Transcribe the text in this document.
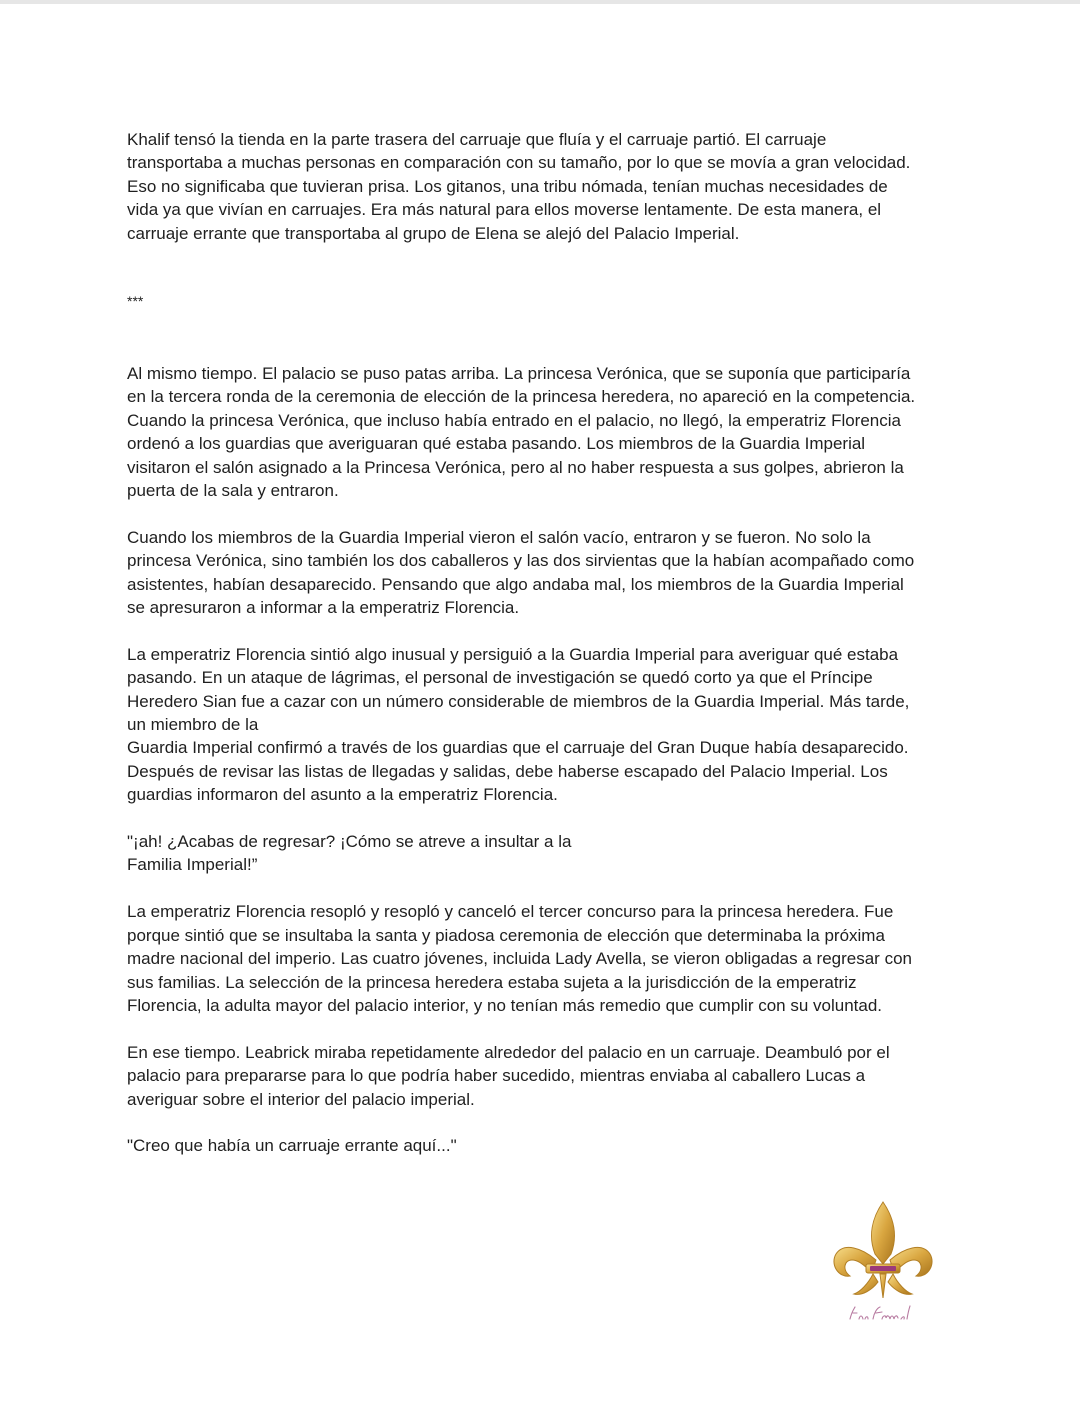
Khalif tensó la tienda en la parte trasera del carruaje que fluía y el carruaje partió. El carruaje
transportaba a muchas personas en comparación con su tamaño, por lo que se movía a gran velocidad.
Eso no significaba que tuvieran prisa. Los gitanos, una tribu nómada, tenían muchas necesidades de
vida ya que vivían en carruajes. Era más natural para ellos moverse lentamente. De esta manera, el
carruaje errante que transportaba al grupo de Elena se alejó del Palacio Imperial.

***

Al mismo tiempo. El palacio se puso patas arriba. La princesa Verónica, que se suponía que participaría
en la tercera ronda de la ceremonia de elección de la princesa heredera, no apareció en la competencia.
Cuando la princesa Verónica, que incluso había entrado en el palacio, no llegó, la emperatriz Florencia
ordenó a los guardias que averiguaran qué estaba pasando. Los miembros de la Guardia Imperial
visitaron el salón asignado a la Princesa Verónica, pero al no haber respuesta a sus golpes, abrieron la
puerta de la sala y entraron.

Cuando los miembros de la Guardia Imperial vieron el salón vacío, entraron y se fueron. No solo la
princesa Verónica, sino también los dos caballeros y las dos sirvientas que la habían acompañado como
asistentes, habían desaparecido. Pensando que algo andaba mal, los miembros de la Guardia Imperial
se apresuraron a informar a la emperatriz Florencia.

La emperatriz Florencia sintió algo inusual y persiguió a la Guardia Imperial para averiguar qué estaba
pasando. En un ataque de lágrimas, el personal de investigación se quedó corto ya que el Príncipe
Heredero Sian fue a cazar con un número considerable de miembros de la Guardia Imperial. Más tarde,
un miembro de la
Guardia Imperial confirmó a través de los guardias que el carruaje del Gran Duque había desaparecido.
Después de revisar las listas de llegadas y salidas, debe haberse escapado del Palacio Imperial. Los
guardias informaron del asunto a la emperatriz Florencia.

"¡ah! ¿Acabas de regresar? ¡Cómo se atreve a insultar a la
Familia Imperial!”

La emperatriz Florencia resopló y resopló y canceló el tercer concurso para la princesa heredera. Fue
porque sintió que se insultaba la santa y piadosa ceremonia de elección que determinaba la próxima
madre nacional del imperio. Las cuatro jóvenes, incluida Lady Avella, se vieron obligadas a regresar con
sus familias. La selección de la princesa heredera estaba sujeta a la jurisdicción de la emperatriz
Florencia, la adulta mayor del palacio interior, y no tenían más remedio que cumplir con su voluntad.

En ese tiempo. Leabrick miraba repetidamente alrededor del palacio en un carruaje. Deambuló por el
palacio para prepararse para lo que podría haber sucedido, mientras enviaba al caballero Lucas a
averiguar sobre el interior del palacio imperial.

"Creo que había un carruaje errante aquí..."
